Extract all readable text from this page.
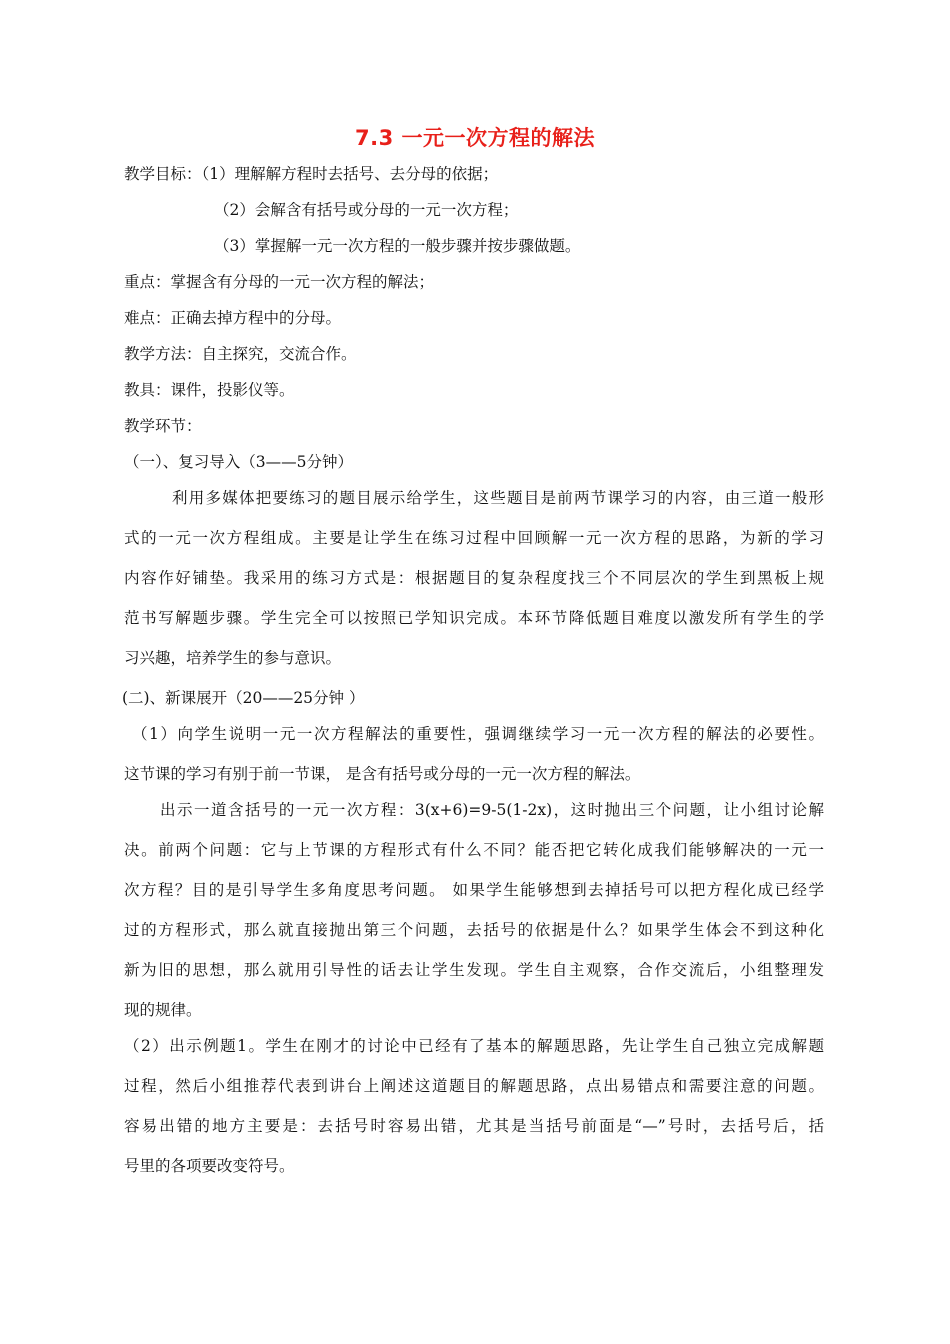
7.3 一元一次方程的解法
教学目标：（1）理解解方程时去括号、去分母的依据；
（2）会解含有括号或分母的一元一次方程；
（3）掌握解一元一次方程的一般步骤并按步骤做题。
重点：掌握含有分母的一元一次方程的解法；
难点：正确去掉方程中的分母。
教学方法：自主探究，交流合作。
教具：课件，投影仪等。
教学环节：
（一）、复习导入（3——5分钟）
利用多媒体把要练习的题目展示给学生，这些题目是前两节课学习的内容，由三道一般形
式的一元一次方程组成。主要是让学生在练习过程中回顾解一元一次方程的思路，为新的学习
内容作好铺垫。我采用的练习方式是：根据题目的复杂程度找三个不同层次的学生到黑板上规
范书写解题步骤。学生完全可以按照已学知识完成。本环节降低题目难度以激发所有学生的学
习兴趣，培养学生的参与意识。
(二)、新课展开（20——25分钟 ）
（1）向学生说明一元一次方程解法的重要性，强调继续学习一元一次方程的解法的必要性。
这节课的学习有别于前一节课， 是含有括号或分母的一元一次方程的解法。
出示一道含括号的一元一次方程：3(x+6)=9-5(1-2x)，这时抛出三个问题，让小组讨论解
决。前两个问题：它与上节课的方程形式有什么不同？能否把它转化成我们能够解决的一元一
次方程？目的是引导学生多角度思考问题。 如果学生能够想到去掉括号可以把方程化成已经学
过的方程形式，那么就直接抛出第三个问题，去括号的依据是什么？如果学生体会不到这种化
新为旧的思想，那么就用引导性的话去让学生发现。学生自主观察，合作交流后，小组整理发
现的规律。
（2）出示例题1。学生在刚才的讨论中已经有了基本的解题思路，先让学生自己独立完成解题
过程，然后小组推荐代表到讲台上阐述这道题目的解题思路，点出易错点和需要注意的问题。
容易出错的地方主要是：去括号时容易出错，尤其是当括号前面是“—”号时，去括号后，括
号里的各项要改变符号。
